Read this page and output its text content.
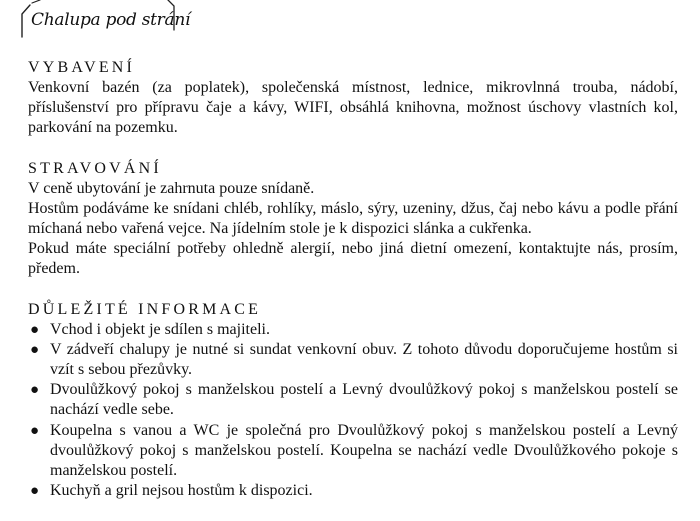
Chalupa pod strání
VYBAVENÍ

Venkovní bazén (za poplatek), společenská místnost, lednice, mikrovlnná trouba, nádobí, příslušenství pro přípravu čaje a kávy, WIFI, obsáhlá knihovna, možnost úschovy vlastních kol, parkování na pozemku.

STRAVOVÁNÍ

V ceně ubytování je zahrnuta pouze snídaně.

Hostům podáváme ke snídani chléb, rohlíky, máslo, sýry, uzeniny, džus, čaj nebo kávu a podle přání míchaná nebo vařená vejce. Na jídelním stole je k dispozici slánka a cukřenka.

Pokud máte speciální potřeby ohledně alergií, nebo jiná dietní omezení, kontaktujte nás, prosím, předem.

DŮLEŽITÉ INFORMACE
● Vchod i objekt je sdílen s majiteli.
● V zádveří chalupy je nutné si sundat venkovní obuv. Z tohoto důvodu doporučujeme hostům si vzít s sebou přezůvky.
● Dvoulůžkový pokoj s manželskou postelí a Levný dvoulůžkový pokoj s manželskou postelí se nachází vedle sebe.
● Koupelna s vanou a WC je společná pro Dvoulůžkový pokoj s manželskou postelí a Levný dvoulůžkový pokoj s manželskou postelí. Koupelna se nachází vedle Dvoulůžkového pokoje s manželskou postelí.
● Kuchyň a gril nejsou hostům k dispozici.
